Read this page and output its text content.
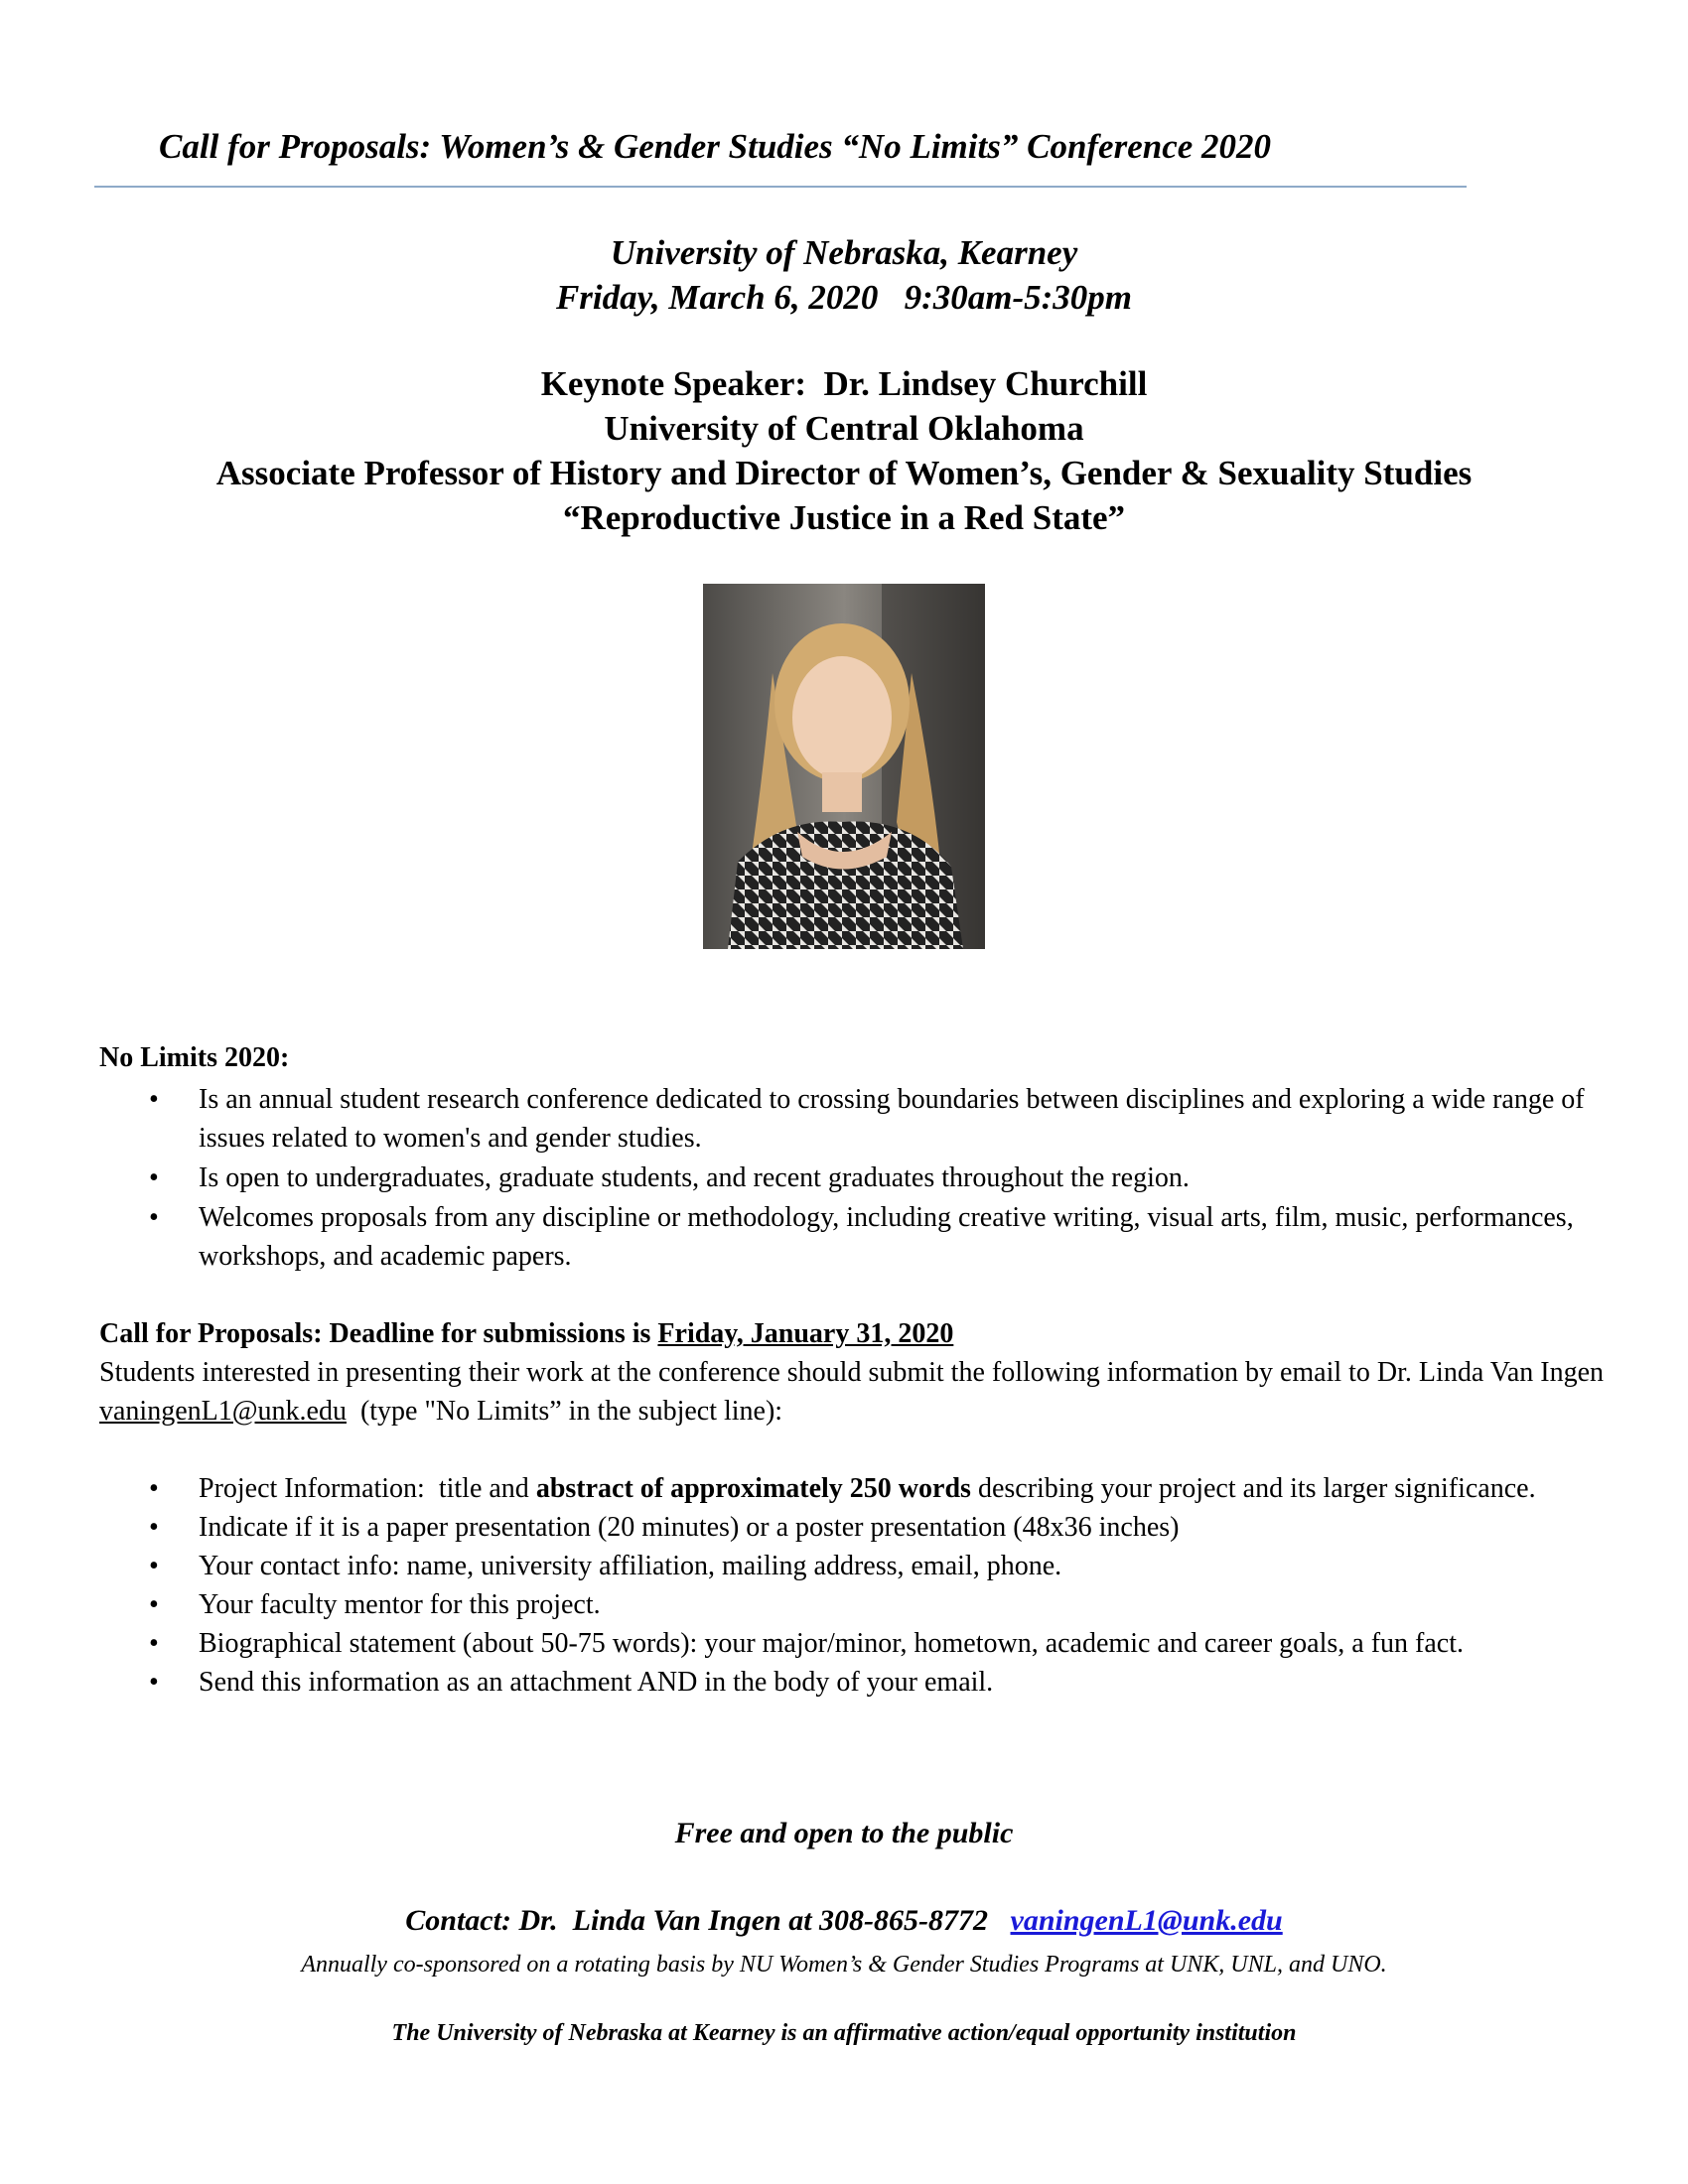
Call for Proposals: Women’s & Gender Studies “No Limits” Conference 2020
University of Nebraska, Kearney
Friday, March 6, 2020   9:30am-5:30pm
Keynote Speaker:  Dr. Lindsey Churchill
University of Central Oklahoma
Associate Professor of History and Director of Women’s, Gender & Sexuality Studies
“Reproductive Justice in a Red State”
No Limits 2020:
• Is an annual student research conference dedicated to crossing boundaries between disciplines and exploring a wide range of issues related to women's and gender studies.
• Is open to undergraduates, graduate students, and recent graduates throughout the region.
• Welcomes proposals from any discipline or methodology, including creative writing, visual arts, film, music, performances, workshops, and academic papers.
Call for Proposals: Deadline for submissions is Friday, January 31, 2020
Students interested in presenting their work at the conference should submit the following information by email to Dr. Linda Van Ingen  vaningenL1@unk.edu  (type "No Limits” in the subject line):
• Project Information:  title and abstract of approximately 250 words describing your project and its larger significance.
• Indicate if it is a paper presentation (20 minutes) or a poster presentation (48x36 inches)
• Your contact info: name, university affiliation, mailing address, email, phone.
• Your faculty mentor for this project.
• Biographical statement (about 50-75 words): your major/minor, hometown, academic and career goals, a fun fact.
• Send this information as an attachment AND in the body of your email.
Free and open to the public
Contact: Dr.  Linda Van Ingen at 308-865-8772   vaningenL1@unk.edu
Annually co-sponsored on a rotating basis by NU Women’s & Gender Studies Programs at UNK, UNL, and UNO.
The University of Nebraska at Kearney is an affirmative action/equal opportunity institution
